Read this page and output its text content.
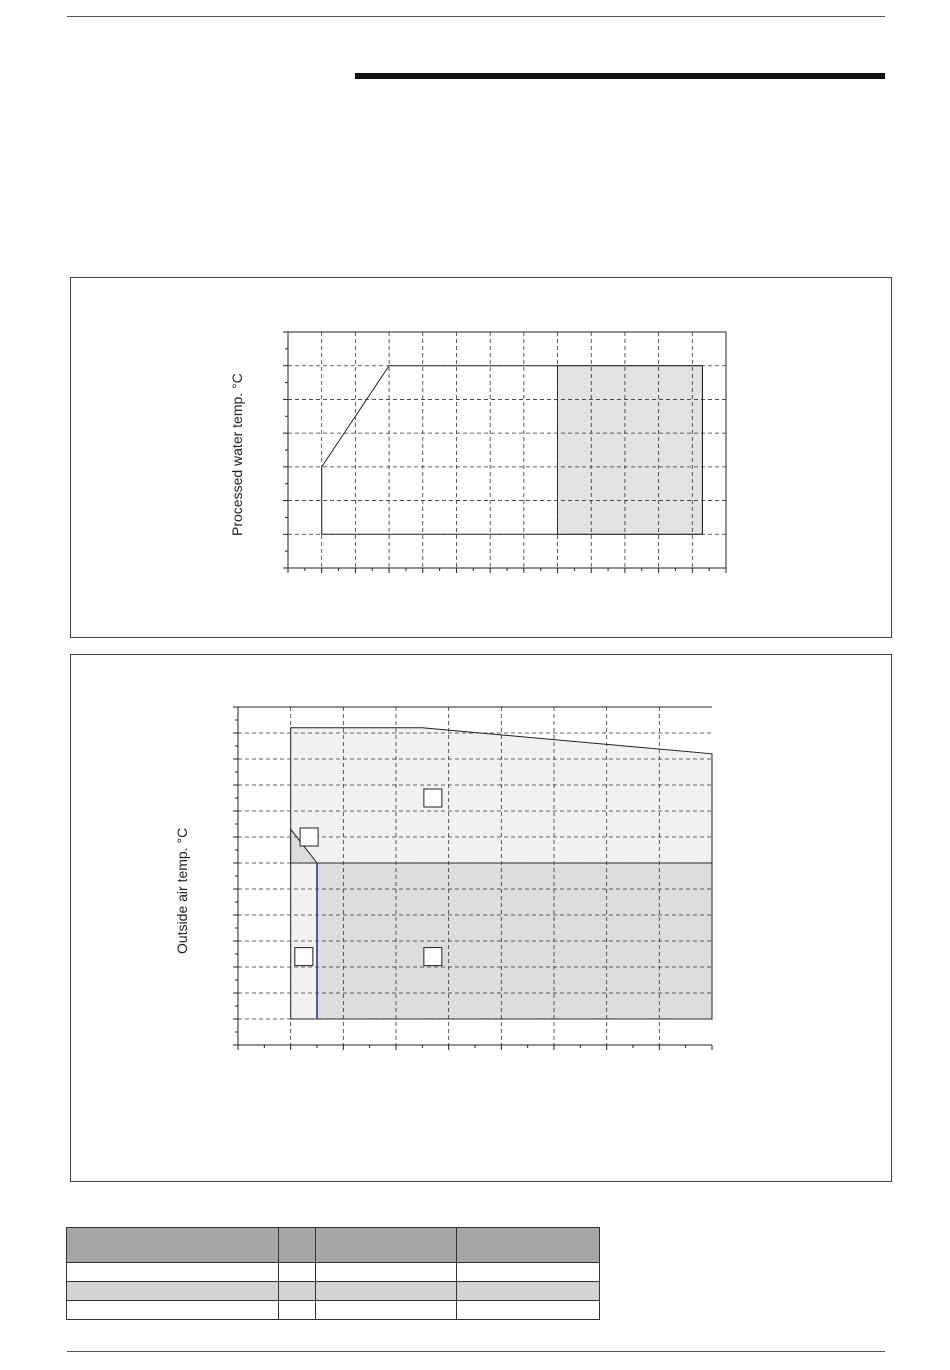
Processed water temp. °C
Outside air temp. °C
